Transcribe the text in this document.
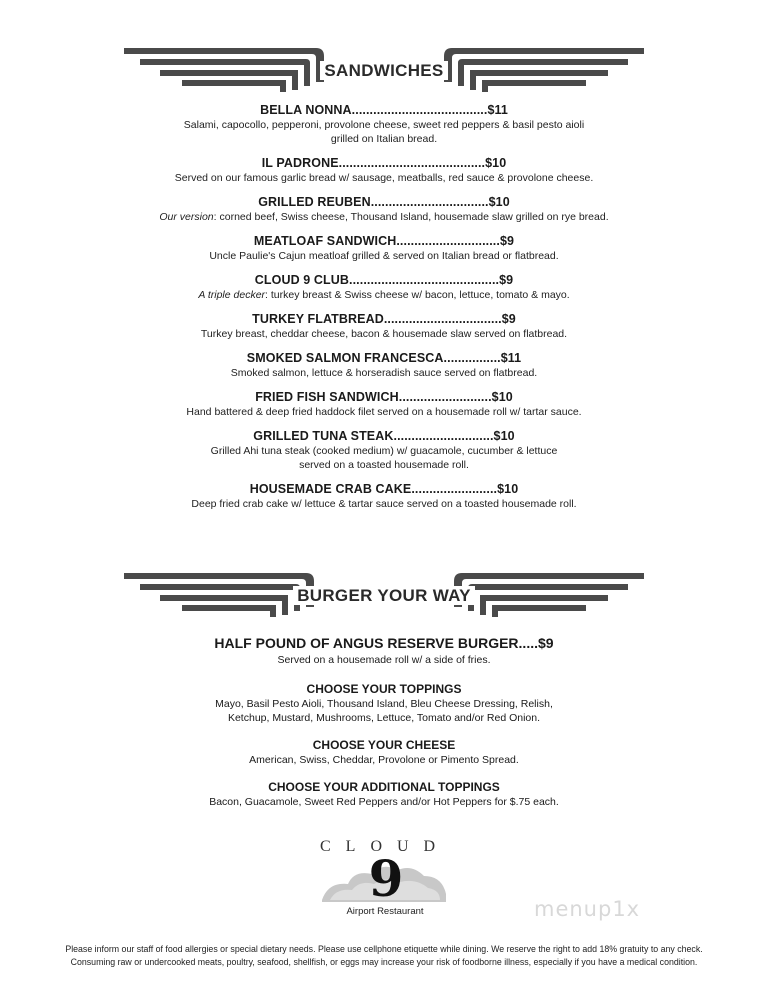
SANDWICHES
BELLA NONNA......................................$11
Salami, capocollo, pepperoni, provolone cheese, sweet red peppers & basil pesto aioli
grilled on Italian bread.
IL PADRONE.........................................$10
Served on our famous garlic bread w/ sausage, meatballs, red sauce & provolone cheese.
GRILLED REUBEN.................................$10
Our version: corned beef, Swiss cheese, Thousand Island, housemade slaw grilled on rye bread.
MEATLOAF SANDWICH.............................$9
Uncle Paulie's Cajun meatloaf grilled & served on Italian bread or flatbread.
CLOUD 9 CLUB..........................................$9
A triple decker: turkey breast & Swiss cheese w/ bacon, lettuce, tomato & mayo.
TURKEY FLATBREAD.................................$9
Turkey breast, cheddar cheese, bacon & housemade slaw served on flatbread.
SMOKED SALMON FRANCESCA................$11
Smoked salmon, lettuce & horseradish sauce served on flatbread.
FRIED FISH SANDWICH..........................$10
Hand battered & deep fried haddock filet served on a housemade roll w/ tartar sauce.
GRILLED TUNA STEAK............................$10
Grilled Ahi tuna steak (cooked medium) w/ guacamole, cucumber & lettuce
served on a toasted housemade roll.
HOUSEMADE CRAB CAKE........................$10
Deep fried crab cake w/ lettuce & tartar sauce served on a toasted housemade roll.
BURGER YOUR WAY
HALF POUND OF ANGUS RESERVE BURGER.....$9
Served on a housemade roll w/ a side of fries.
CHOOSE YOUR TOPPINGS
Mayo, Basil Pesto Aioli, Thousand Island, Bleu Cheese Dressing, Relish,
Ketchup, Mustard, Mushrooms, Lettuce, Tomato and/or Red Onion.
CHOOSE YOUR CHEESE
American, Swiss, Cheddar, Provolone or Pimento Spread.
CHOOSE YOUR ADDITIONAL TOPPINGS
Bacon, Guacamole, Sweet Red Peppers and/or Hot Peppers for $.75 each.
CLOUD
9
Airport Restaurant	menup1x
Please inform our staff of food allergies or special dietary needs. Please use cellphone etiquette while dining. We reserve the right to add 18% gratuity to any check.
Consuming raw or undercooked meats, poultry, seafood, shellfish, or eggs may increase your risk of foodborne illness, especially if you have a medical condition.
